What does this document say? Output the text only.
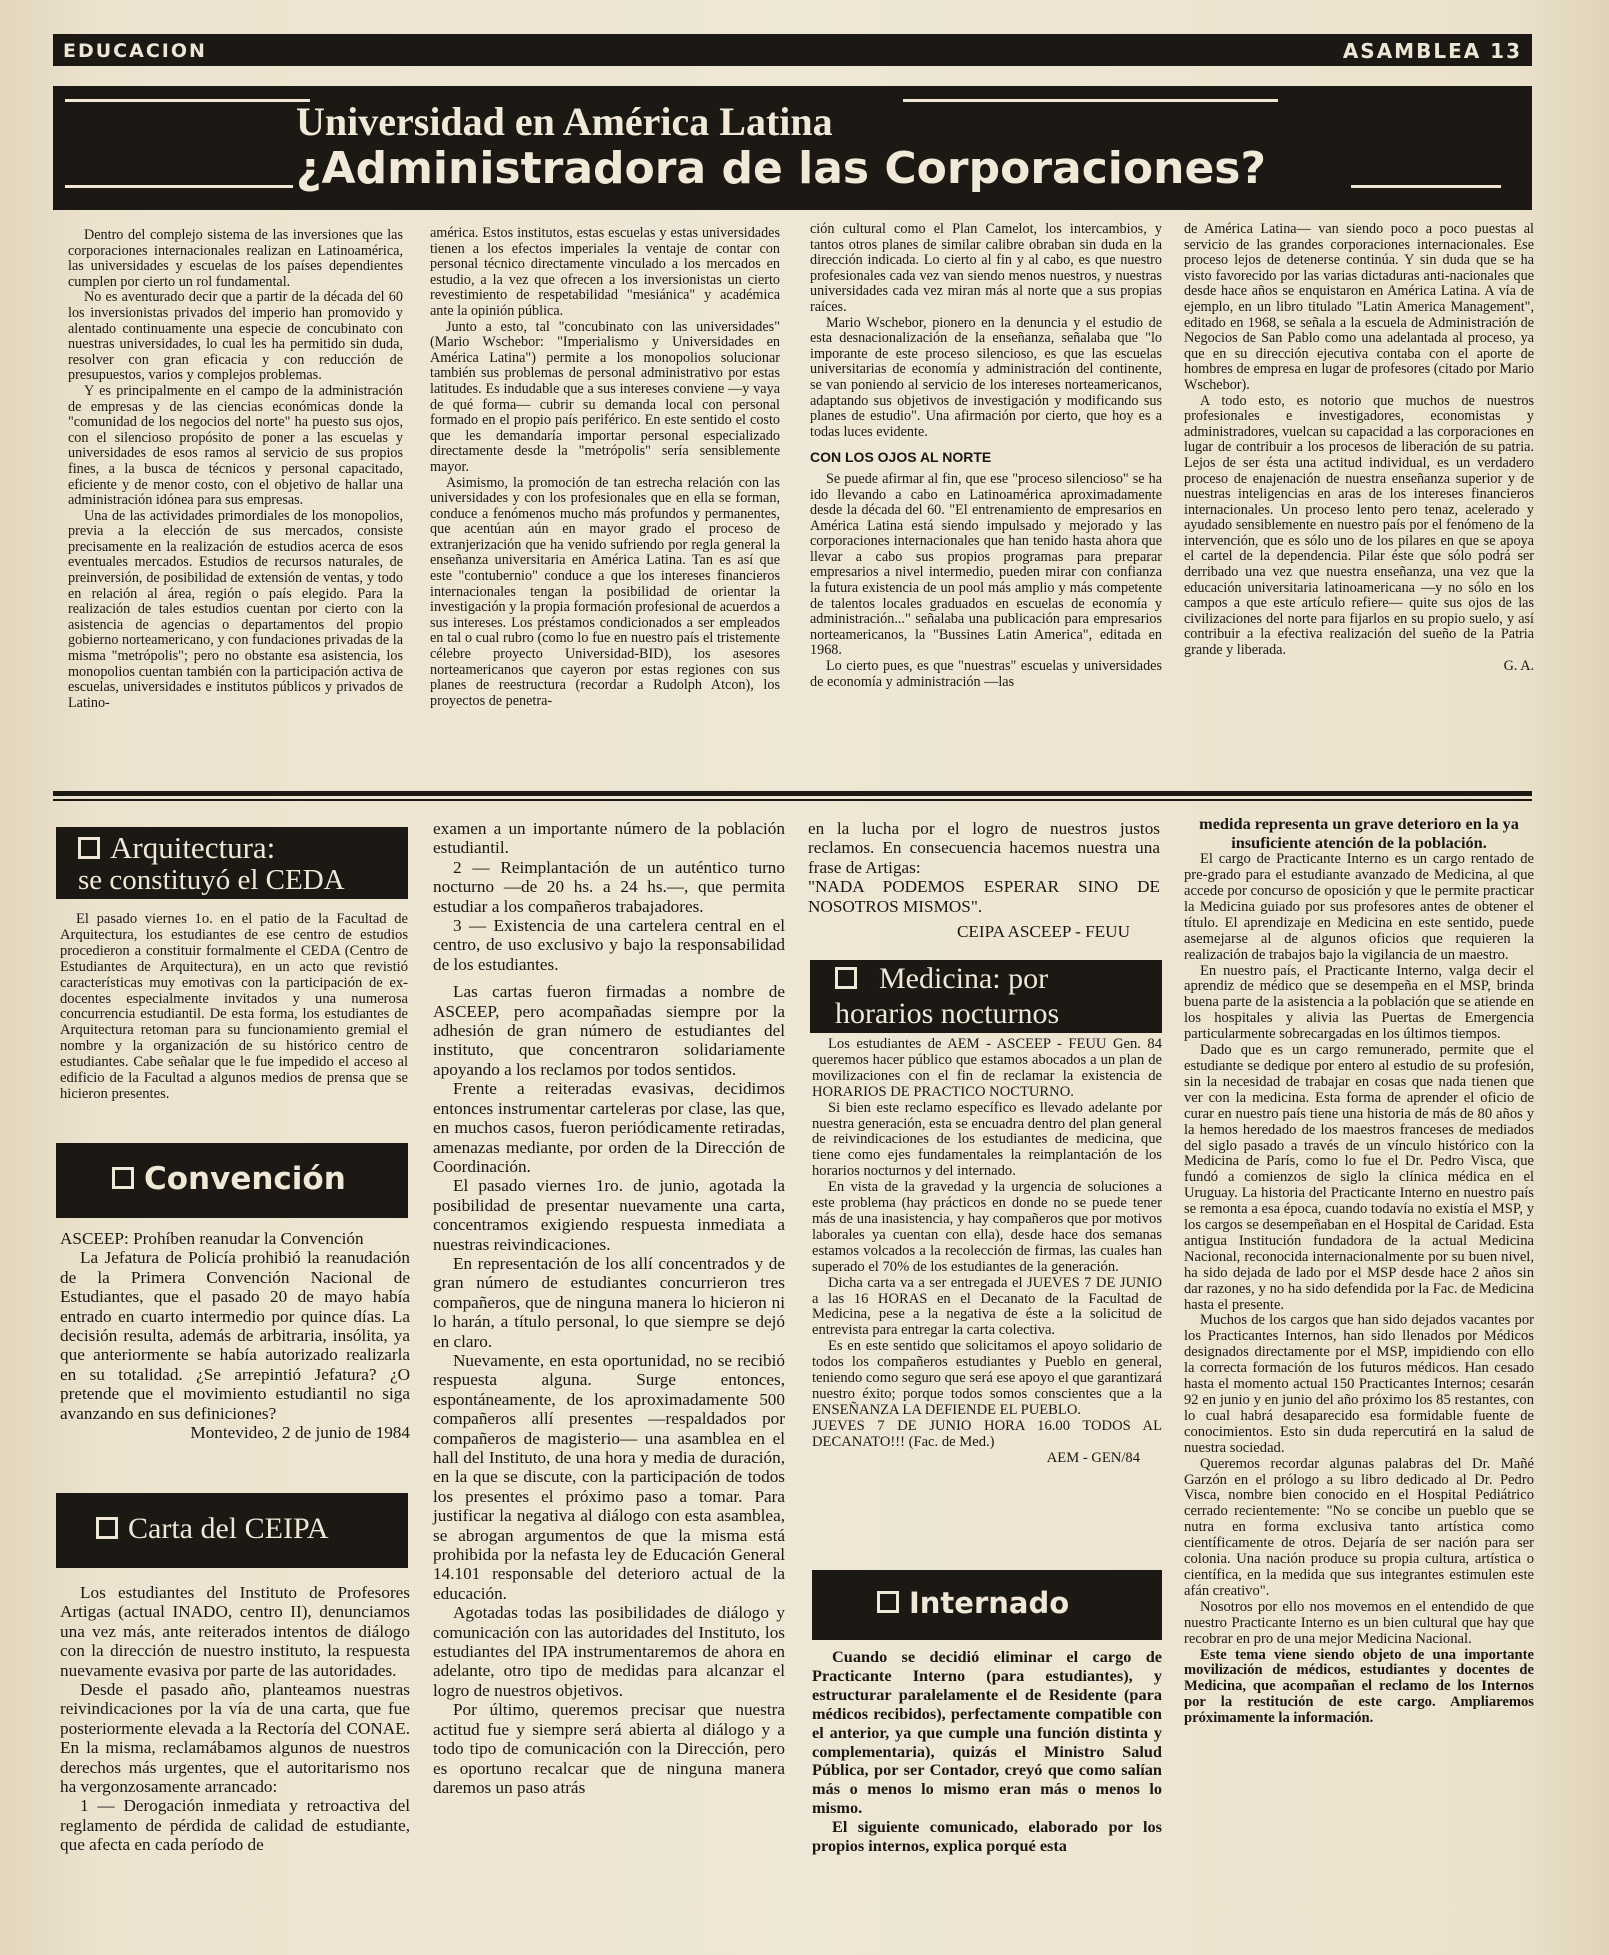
EDUCACION	ASAMBLEA 13
Universidad en América Latina
¿Administradora de las Corporaciones?

Dentro del complejo sistema de las inversiones que las corporaciones internacionales realizan en Latinoamérica, las universidades y escuelas de los países dependientes cumplen por cierto un rol fundamental.

No es aventurado decir que a partir de la década del 60 los inversionistas privados del imperio han promovido y alentado continuamente una especie de concubinato con nuestras universidades, lo cual les ha permitido sin duda, resolver con gran eficacia y con reducción de presupuestos, varios y complejos problemas.

Y es principalmente en el campo de la administración de empresas y de las ciencias económicas donde la "comunidad de los negocios del norte" ha puesto sus ojos, con el silencioso propósito de poner a las escuelas y universidades de esos ramos al servicio de sus propios fines, a la busca de técnicos y personal capacitado, eficiente y de menor costo, con el objetivo de hallar una administración idónea para sus empresas.

Una de las actividades primordiales de los monopolios, previa a la elección de sus mercados, consiste precisamente en la realización de estudios acerca de esos eventuales mercados. Estudios de recursos naturales, de preinversión, de posibilidad de extensión de ventas, y todo en relación al área, región o país elegido. Para la realización de tales estudios cuentan por cierto con la asistencia de agencias o departamentos del propio gobierno norteamericano, y con fundaciones privadas de la misma "metrópolis"; pero no obstante esa asistencia, los monopolios cuentan también con la participación activa de escuelas, universidades e institutos públicos y privados de Latino-

américa. Estos institutos, estas escuelas y estas universidades tienen a los efectos imperiales la ventaje de contar con personal técnico directamente vinculado a los mercados en estudio, a la vez que ofrecen a los inversionistas un cierto revestimiento de respetabilidad "mesiánica" y académica ante la opinión pública.

Junto a esto, tal "concubinato con las universidades" (Mario Wschebor: "Imperialismo y Universidades en América Latina") permite a los monopolios solucionar también sus problemas de personal administrativo por estas latitudes. Es indudable que a sus intereses conviene —y vaya de qué forma— cubrir su demanda local con personal formado en el propio país periférico. En este sentido el costo que les demandaría importar personal especializado directamente desde la "metrópolis" sería sensiblemente mayor.

Asimismo, la promoción de tan estrecha relación con las universidades y con los profesionales que en ella se forman, conduce a fenómenos mucho más profundos y permanentes, que acentúan aún en mayor grado el proceso de extranjerización que ha venido sufriendo por regla general la enseñanza universitaria en América Latina. Tan es así que este "contubernio" conduce a que los intereses financieros internacionales tengan la posibilidad de orientar la investigación y la propia formación profesional de acuerdos a sus intereses. Los préstamos condicionados a ser empleados en tal o cual rubro (como lo fue en nuestro país el tristemente célebre proyecto Universidad-BID), los asesores norteamericanos que cayeron por estas regiones con sus planes de reestructura (recordar a Rudolph Atcon), los proyectos de penetra-

ción cultural como el Plan Camelot, los intercambios, y tantos otros planes de similar calibre obraban sin duda en la dirección indicada. Lo cierto al fin y al cabo, es que nuestro profesionales cada vez van siendo menos nuestros, y nuestras universidades cada vez miran más al norte que a sus propias raíces.

Mario Wschebor, pionero en la denuncia y el estudio de esta desnacionalización de la enseñanza, señalaba que "lo imporante de este proceso silencioso, es que las escuelas universitarias de economía y administración del continente, se van poniendo al servicio de los intereses norteamericanos, adaptando sus objetivos de investigación y modificando sus planes de estudio". Una afirmación por cierto, que hoy es a todas luces evidente.

CON LOS OJOS AL NORTE

Se puede afirmar al fin, que ese "proceso silencioso" se ha ido llevando a cabo en Latinoamérica aproximadamente desde la década del 60. "El entrenamiento de empresarios en América Latina está siendo impulsado y mejorado y las corporaciones internacionales que han tenido hasta ahora que llevar a cabo sus propios programas para preparar empresarios a nivel intermedio, pueden mirar con confianza la futura existencia de un pool más amplio y más competente de talentos locales graduados en escuelas de economía y administración..." señalaba una publicación para empresarios norteamericanos, la "Bussines Latin America", editada en 1968.

Lo cierto pues, es que "nuestras" escuelas y universidades de economía y administración —las

de América Latina— van siendo poco a poco puestas al servicio de las grandes corporaciones internacionales. Ese proceso lejos de detenerse continúa. Y sin duda que se ha visto favorecido por las varias dictaduras anti-nacionales que desde hace años se enquistaron en América Latina. A vía de ejemplo, en un libro titulado "Latin America Management", editado en 1968, se señala a la escuela de Administración de Negocios de San Pablo como una adelantada al proceso, ya que en su dirección ejecutiva contaba con el aporte de hombres de empresa en lugar de profesores (citado por Mario Wschebor).

A todo esto, es notorio que muchos de nuestros profesionales e investigadores, economistas y administradores, vuelcan su capacidad a las corporaciones en lugar de contribuir a los procesos de liberación de su patria. Lejos de ser ésta una actitud individual, es un verdadero proceso de enajenación de nuestra enseñanza superior y de nuestras inteligencias en aras de los intereses financieros internacionales. Un proceso lento pero tenaz, acelerado y ayudado sensiblemente en nuestro país por el fenómeno de la intervención, que es sólo uno de los pilares en que se apoya el cartel de la dependencia. Pilar éste que sólo podrá ser derribado una vez que nuestra enseñanza, una vez que la educación universitaria latinoamericana —y no sólo en los campos a que este artículo refiere— quite sus ojos de las civilizaciones del norte para fijarlos en su propio suelo, y así contribuir a la efectiva realización del sueño de la Patria grande y liberada.

G. A.

Arquitectura:
se constituyó el CEDA

El pasado viernes 1o. en el patio de la Facultad de Arquitectura, los estudiantes de ese centro de estudios procedieron a constituir formalmente el CEDA (Centro de Estudiantes de Arquitectura), en un acto que revistió características muy emotivas con la participación de ex-docentes especialmente invitados y una numerosa concurrencia estudiantil. De esta forma, los estudiantes de Arquitectura retoman para su funcionamiento gremial el nombre y la organización de su histórico centro de estudiantes. Cabe señalar que le fue impedido el acceso al edificio de la Facultad a algunos medios de prensa que se hicieron presentes.

Convención

ASCEEP: Prohíben reanudar la Convención

La Jefatura de Policía prohibió la reanudación de la Primera Convención Nacional de Estudiantes, que el pasado 20 de mayo había entrado en cuarto intermedio por quince días. La decisión resulta, además de arbitraria, insólita, ya que anteriormente se había autorizado realizarla en su totalidad. ¿Se arrepintió Jefatura? ¿O pretende que el movimiento estudiantil no siga avanzando en sus definiciones?

Montevideo, 2 de junio de 1984

Carta del CEIPA

Los estudiantes del Instituto de Profesores Artigas (actual INADO, centro II), denunciamos una vez más, ante reiterados intentos de diálogo con la dirección de nuestro instituto, la respuesta nuevamente evasiva por parte de las autoridades.

Desde el pasado año, planteamos nuestras reivindicaciones por la vía de una carta, que fue posteriormente elevada a la Rectoría del CONAE. En la misma, reclamábamos algunos de nuestros derechos más urgentes, que el autoritarismo nos ha vergonzosamente arrancado:

1 — Derogación inmediata y retroactiva del reglamento de pérdida de calidad de estudiante, que afecta en cada período de

examen a un importante número de la población estudiantil.

2 — Reimplantación de un auténtico turno nocturno —de 20 hs. a 24 hs.—, que permita estudiar a los compañeros trabajadores.

3 — Existencia de una cartelera central en el centro, de uso exclusivo y bajo la responsabilidad de los estudiantes.

Las cartas fueron firmadas a nombre de ASCEEP, pero acompañadas siempre por la adhesión de gran número de estudiantes del instituto, que concentraron solidariamente apoyando a los reclamos por todos sentidos.

Frente a reiteradas evasivas, decidimos entonces instrumentar carteleras por clase, las que, en muchos casos, fueron periódicamente retiradas, amenazas mediante, por orden de la Dirección de Coordinación.

El pasado viernes 1ro. de junio, agotada la posibilidad de presentar nuevamente una carta, concentramos exigiendo respuesta inmediata a nuestras reivindicaciones.

En representación de los allí concentrados y de gran número de estudiantes concurrieron tres compañeros, que de ninguna manera lo hicieron ni lo harán, a título personal, lo que siempre se dejó en claro.

Nuevamente, en esta oportunidad, no se recibió respuesta alguna. Surge entonces, espontáneamente, de los aproximadamente 500 compañeros allí presentes —respaldados por compañeros de magisterio— una asamblea en el hall del Instituto, de una hora y media de duración, en la que se discute, con la participación de todos los presentes el próximo paso a tomar. Para justificar la negativa al diálogo con esta asamblea, se abrogan argumentos de que la misma está prohibida por la nefasta ley de Educación General 14.101 responsable del deterioro actual de la educación.

Agotadas todas las posibilidades de diálogo y comunicación con las autoridades del Instituto, los estudiantes del IPA instrumentaremos de ahora en adelante, otro tipo de medidas para alcanzar el logro de nuestros objetivos.

Por último, queremos precisar que nuestra actitud fue y siempre será abierta al diálogo y a todo tipo de comunicación con la Dirección, pero es oportuno recalcar que de ninguna manera daremos un paso atrás

en la lucha por el logro de nuestros justos reclamos. En consecuencia hacemos nuestra una frase de Artigas:

"NADA PODEMOS ESPERAR SINO DE NOSOTROS MISMOS".

CEIPA ASCEEP - FEUU

Medicina: por
horarios nocturnos

Los estudiantes de AEM - ASCEEP - FEUU Gen. 84 queremos hacer público que estamos abocados a un plan de movilizaciones con el fin de reclamar la existencia de HORARIOS DE PRACTICO NOCTURNO.

Si bien este reclamo específico es llevado adelante por nuestra generación, esta se encuadra dentro del plan general de reivindicaciones de los estudiantes de medicina, que tiene como ejes fundamentales la reimplantación de los horarios nocturnos y del internado.

En vista de la gravedad y la urgencia de soluciones a este problema (hay prácticos en donde no se puede tener más de una inasistencia, y hay compañeros que por motivos laborales ya cuentan con ella), desde hace dos semanas estamos volcados a la recolección de firmas, las cuales han superado el 70% de los estudiantes de la generación.

Dicha carta va a ser entregada el JUEVES 7 DE JUNIO a las 16 HORAS en el Decanato de la Facultad de Medicina, pese a la negativa de éste a la solicitud de entrevista para entregar la carta colectiva.

Es en este sentido que solicitamos el apoyo solidario de todos los compañeros estudiantes y Pueblo en general, teniendo como seguro que será ese apoyo el que garantizará nuestro éxito; porque todos somos conscientes que a la ENSEÑANZA LA DEFIENDE EL PUEBLO.

JUEVES 7 DE JUNIO HORA 16.00 TODOS AL DECANATO!!! (Fac. de Med.)

AEM - GEN/84

Internado

Cuando se decidió eliminar el cargo de Practicante Interno (para estudiantes), y estructurar paralelamente el de Residente (para médicos recibidos), perfectamente compatible con el anterior, ya que cumple una función distinta y complementaria), quizás el Ministro Salud Pública, por ser Contador, creyó que como salían más o menos lo mismo eran más o menos lo mismo.

El siguiente comunicado, elaborado por los propios internos, explica porqué esta

medida representa un grave deterioro en la ya insuficiente atención de la población.

El cargo de Practicante Interno es un cargo rentado de pre-grado para el estudiante avanzado de Medicina, al que accede por concurso de oposición y que le permite practicar la Medicina guiado por sus profesores antes de obtener el título. El aprendizaje en Medicina en este sentido, puede asemejarse al de algunos oficios que requieren la realización de trabajos bajo la vigilancia de un maestro.

En nuestro país, el Practicante Interno, valga decir el aprendiz de médico que se desempeña en el MSP, brinda buena parte de la asistencia a la población que se atiende en los hospitales y alivia las Puertas de Emergencia particularmente sobrecargadas en los últimos tiempos.

Dado que es un cargo remunerado, permite que el estudiante se dedique por entero al estudio de su profesión, sin la necesidad de trabajar en cosas que nada tienen que ver con la medicina. Esta forma de aprender el oficio de curar en nuestro país tiene una historia de más de 80 años y la hemos heredado de los maestros franceses de mediados del siglo pasado a través de un vínculo histórico con la Medicina de París, como lo fue el Dr. Pedro Visca, que fundó a comienzos de siglo la clínica médica en el Uruguay. La historia del Practicante Interno en nuestro país se remonta a esa época, cuando todavía no existía el MSP, y los cargos se desempeñaban en el Hospital de Caridad. Esta antigua Institución fundadora de la actual Medicina Nacional, reconocida internacionalmente por su buen nivel, ha sido dejada de lado por el MSP desde hace 2 años sin dar razones, y no ha sido defendida por la Fac. de Medicina hasta el presente.

Muchos de los cargos que han sido dejados vacantes por los Practicantes Internos, han sido llenados por Médicos designados directamente por el MSP, impidiendo con ello la correcta formación de los futuros médicos. Han cesado hasta el momento actual 150 Practicantes Internos; cesarán 92 en junio y en junio del año próximo los 85 restantes, con lo cual habrá desaparecido esa formidable fuente de conocimientos. Esto sin duda repercutirá en la salud de nuestra sociedad.

Queremos recordar algunas palabras del Dr. Mañé Garzón en el prólogo a su libro dedicado al Dr. Pedro Visca, nombre bien conocido en el Hospital Pediátrico cerrado recientemente: "No se concibe un pueblo que se nutra en forma exclusiva tanto artística como científicamente de otros. Dejaría de ser nación para ser colonia. Una nación produce su propia cultura, artística o científica, en la medida que sus integrantes estimulen este afán creativo".

Nosotros por ello nos movemos en el entendido de que nuestro Practicante Interno es un bien cultural que hay que recobrar en pro de una mejor Medicina Nacional.

Este tema viene siendo objeto de una importante movilización de médicos, estudiantes y docentes de Medicina, que acompañan el reclamo de los Internos por la restitución de este cargo. Ampliaremos próximamente la información.
